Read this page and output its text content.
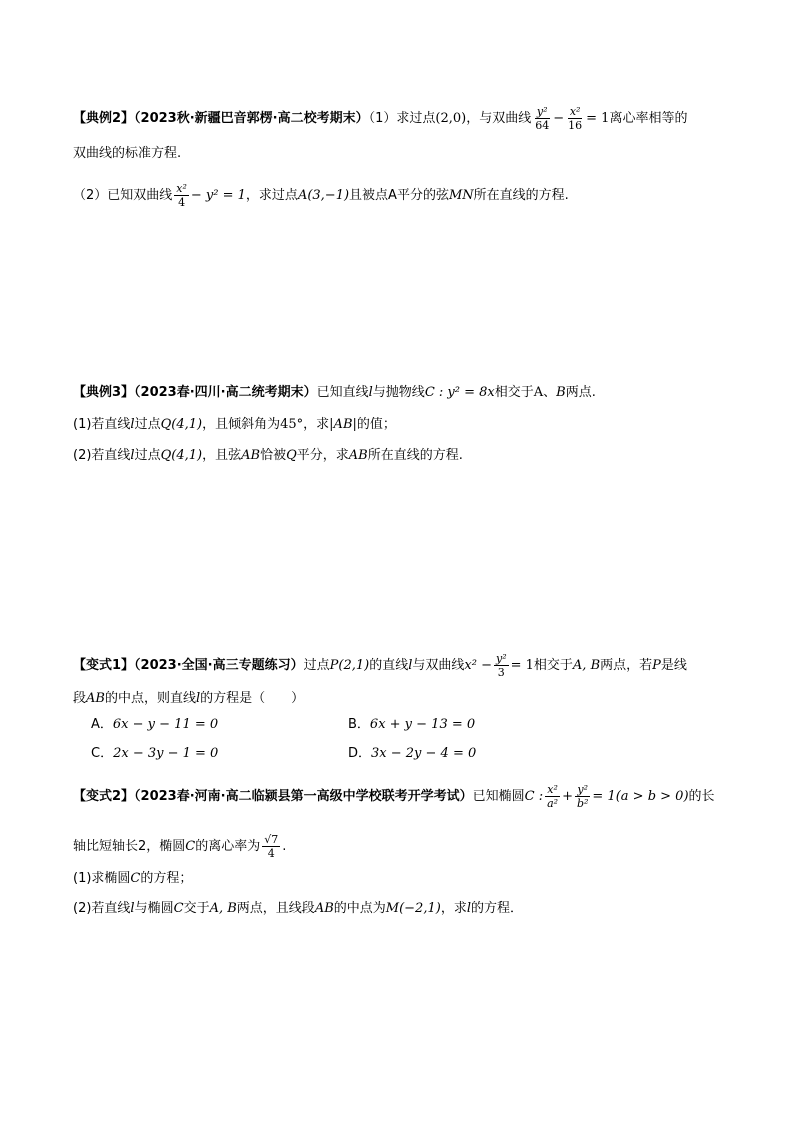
【典例2】（2023秋·新疆巴音郭楞·高二校考期末）（1）求过点(2,0)，与双曲线 $\frac{\text{y²}}{64} - \frac{\text{x²}}{16} = 1$离心率相等的
双曲线的标准方程.
（2）已知双曲线 $\frac{\text{x²}}{4} - y^2 = 1$，求过点A(3,−1)且被点A平分的弦MN所在直线的方程.
【典例3】（2023春·四川·高二统考期末）已知直线l与抛物线C : y² = 8x相交于A、B两点.
(1)若直线l过点Q(4,1)，且倾斜角为45°，求|AB|的值；
(2)若直线l过点Q(4,1)，且弦AB恰被Q平分，求AB所在直线的方程.
【变式1】（2023·全国·高三专题练习）过点P(2,1)的直线l与双曲线$x^2 - \frac{\text{y²}}{3} = 1$相交于A, B两点，若P是线
段AB的中点，则直线l的方程是（　　）
A．6x − y − 11 = 0	B．6x + y − 13 = 0
C．2x − 3y − 1 = 0	D．3x − 2y − 4 = 0
【变式2】（2023春·河南·高二临颍县第一高级中学校联考开学考试）已知椭圆C : $\frac{\text{x²}}{\text{a²}} + \frac{\text{y²}}{\text{b²}} = 1(a > b > 0)$的长
轴比短轴长2，椭圆C的离心率为 $\frac{√7}{4}$ .
(1)求椭圆C的方程；
(2)若直线l与椭圆C交于A, B两点，且线段AB的中点为M(−2,1)，求l的方程．
